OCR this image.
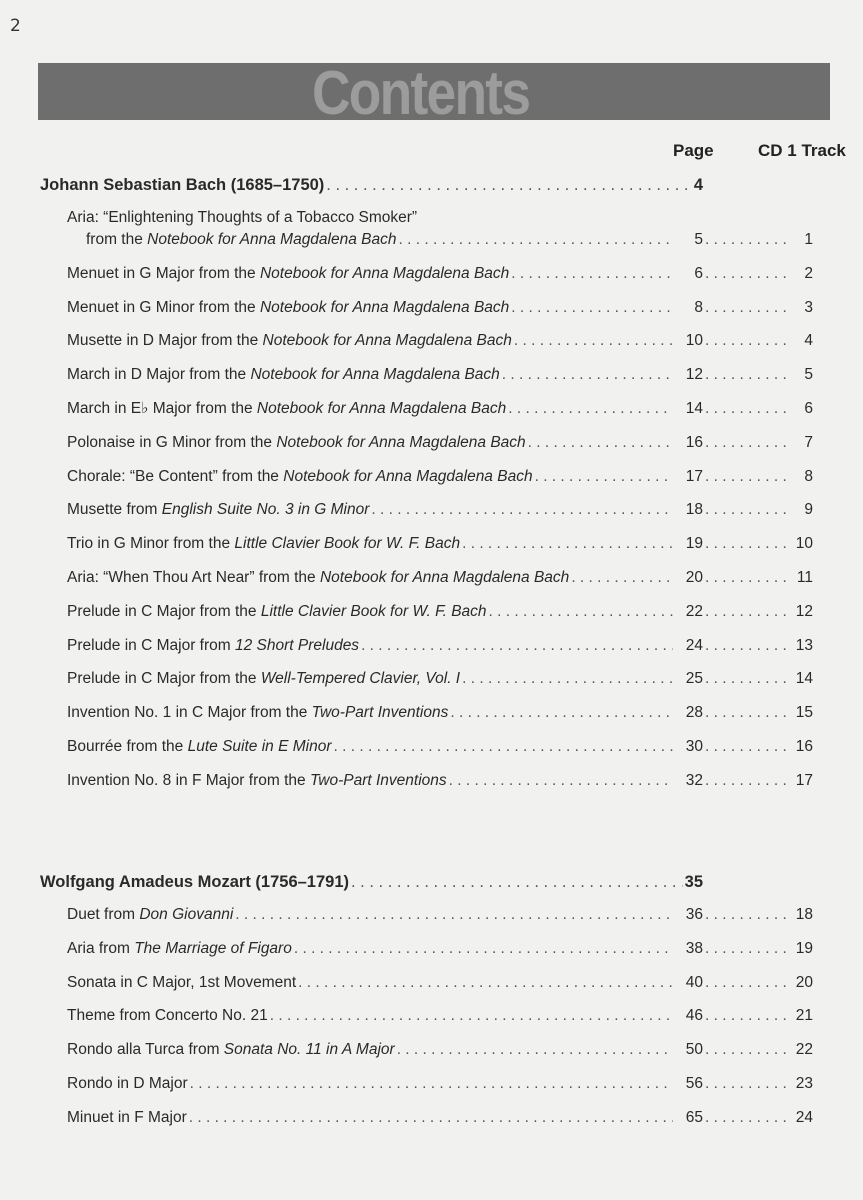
2
Contents
Page	CD 1 Track
Johann Sebastian Bach (1685–1750) . . .	4
Aria: “Enlightening Thoughts of a Tobacco Smoker”
from the Notebook for Anna Magdalena Bach . . .	5 . . .	1
Menuet in G Major from the Notebook for Anna Magdalena Bach . . .	6 . . .	2
Menuet in G Minor from the Notebook for Anna Magdalena Bach . . .	8 . . .	3
Musette in D Major from the Notebook for Anna Magdalena Bach . . .	10 . . .	4
March in D Major from the Notebook for Anna Magdalena Bach . . .	12 . . .	5
March in E♭ Major from the Notebook for Anna Magdalena Bach . . .	14 . . .	6
Polonaise in G Minor from the Notebook for Anna Magdalena Bach . . .	16 . . .	7
Chorale: “Be Content” from the Notebook for Anna Magdalena Bach . . .	17 . . .	8
Musette from English Suite No. 3 in G Minor . . .	18 . . .	9
Trio in G Minor from the Little Clavier Book for W. F. Bach . . .	19 . . .	10
Aria: “When Thou Art Near” from the Notebook for Anna Magdalena Bach . . .	20 . . .	11
Prelude in C Major from the Little Clavier Book for W. F. Bach . . .	22 . . .	12
Prelude in C Major from 12 Short Preludes . . .	24 . . .	13
Prelude in C Major from the Well-Tempered Clavier, Vol. I . . .	25 . . .	14
Invention No. 1 in C Major from the Two-Part Inventions . . .	28 . . .	15
Bourrée from the Lute Suite in E Minor . . .	30 . . .	16
Invention No. 8 in F Major from the Two-Part Inventions . . .	32 . . .	17
Wolfgang Amadeus Mozart (1756–1791) . . .	35
Duet from Don Giovanni . . .	36 . . .	18
Aria from The Marriage of Figaro . . .	38 . . .	19
Sonata in C Major, 1st Movement . . .	40 . . .	20
Theme from Concerto No. 21 . . .	46 . . .	21
Rondo alla Turca from Sonata No. 11 in A Major . . .	50 . . .	22
Rondo in D Major . . .	56 . . .	23
Minuet in F Major . . .	65 . . .	24
